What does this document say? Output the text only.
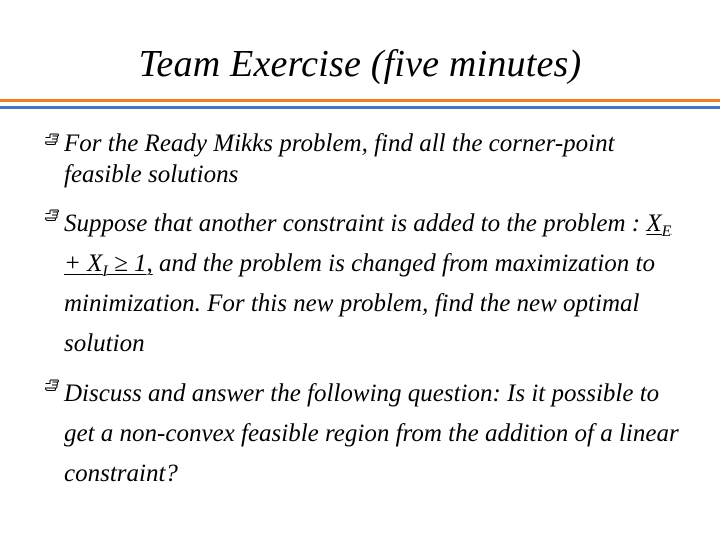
Team Exercise (five minutes)
For the Ready Mikks problem, find all the corner-point feasible solutions
Suppose that another constraint is added to the problem : $X_E + X_I \ge 1$, and the problem is changed from maximization to minimization. For this new problem, find the new optimal solution
Discuss and answer the following question: Is it possible to get a non-convex feasible region from the addition of a linear constraint?
